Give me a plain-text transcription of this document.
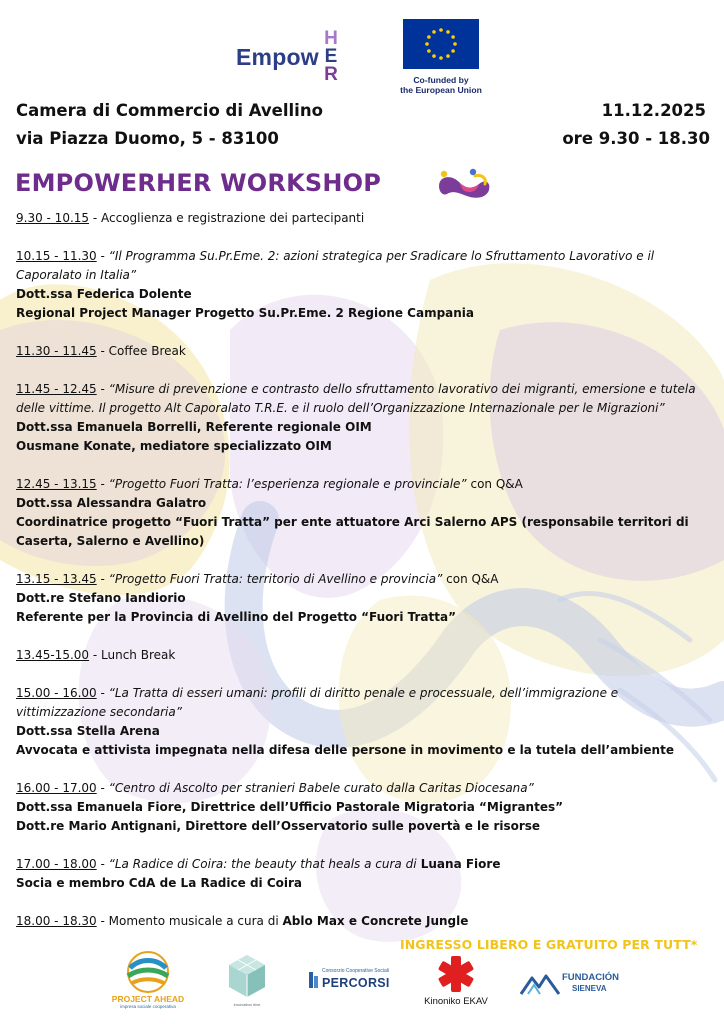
Empow
H
E
R	Co-funded by
the European Union
Camera di Commercio di Avellino
via Piazza Duomo, 5 - 83100
11.12.2025
ore 9.30 - 18.30
EMPOWERHER WORKSHOP

9.30 - 10.15 - Accoglienza e registrazione dei partecipanti

10.15 - 11.30 - “Il Programma Su.Pr.Eme. 2: azioni strategica per Sradicare lo Sfruttamento Lavorativo e il Caporalato in Italia”

Dott.ssa Federica Dolente

Regional Project Manager Progetto Su.Pr.Eme. 2 Regione Campania

11.30 - 11.45 - Coffee Break

11.45 - 12.45 - “Misure di prevenzione e contrasto dello sfruttamento lavorativo dei migranti, emersione e tutela delle vittime. Il progetto Alt Caporalato T.R.E. e il ruolo dell’Organizzazione Internazionale per le Migrazioni”

Dott.ssa Emanuela Borrelli, Referente regionale OIM

Ousmane Konate, mediatore specializzato OIM

12.45 - 13.15 - “Progetto Fuori Tratta: l’esperienza regionale e provinciale” con Q&A

Dott.ssa Alessandra Galatro

Coordinatrice progetto “Fuori Tratta” per ente attuatore Arci Salerno APS (responsabile territori di Caserta, Salerno e Avellino)

13.15 - 13.45 - “Progetto Fuori Tratta: territorio di Avellino e provincia” con Q&A

Dott.re Stefano Iandiorio

Referente per la Provincia di Avellino del Progetto “Fuori Tratta”

13.45-15.00 - Lunch Break

15.00 - 16.00 - “La Tratta di esseri umani: profili di diritto penale e processuale, dell’immigrazione e vittimizzazione secondaria”

Dott.ssa Stella Arena

Avvocata e attivista impegnata nella difesa delle persone in movimento e la tutela dell’ambiente

16.00 - 17.00 - “Centro di Ascolto per stranieri Babele curato dalla Caritas Diocesana”

Dott.ssa Emanuela Fiore, Direttrice dell’Ufficio Pastorale Migratoria “Migrantes”

Dott.re Mario Antignani, Direttore dell’Osservatorio sulle povertà e le risorse

17.00 - 18.00 - “La Radice di Coira: the beauty that heals a cura di Luana Fiore

Socia e membro CdA de La Radice di Coira

18.00 - 18.30 - Momento musicale a cura di Ablo Max e Concrete Jungle

INGRESSO LIBERO E GRATUITO PER TUTT*
PROJECT AHEAD
impresa sociale cooperativa	innovation hive
Consorzio Cooperative Sociali
PERCORSI
Kinoniko EKAV
FUNDACIÓN
SIENEVA
